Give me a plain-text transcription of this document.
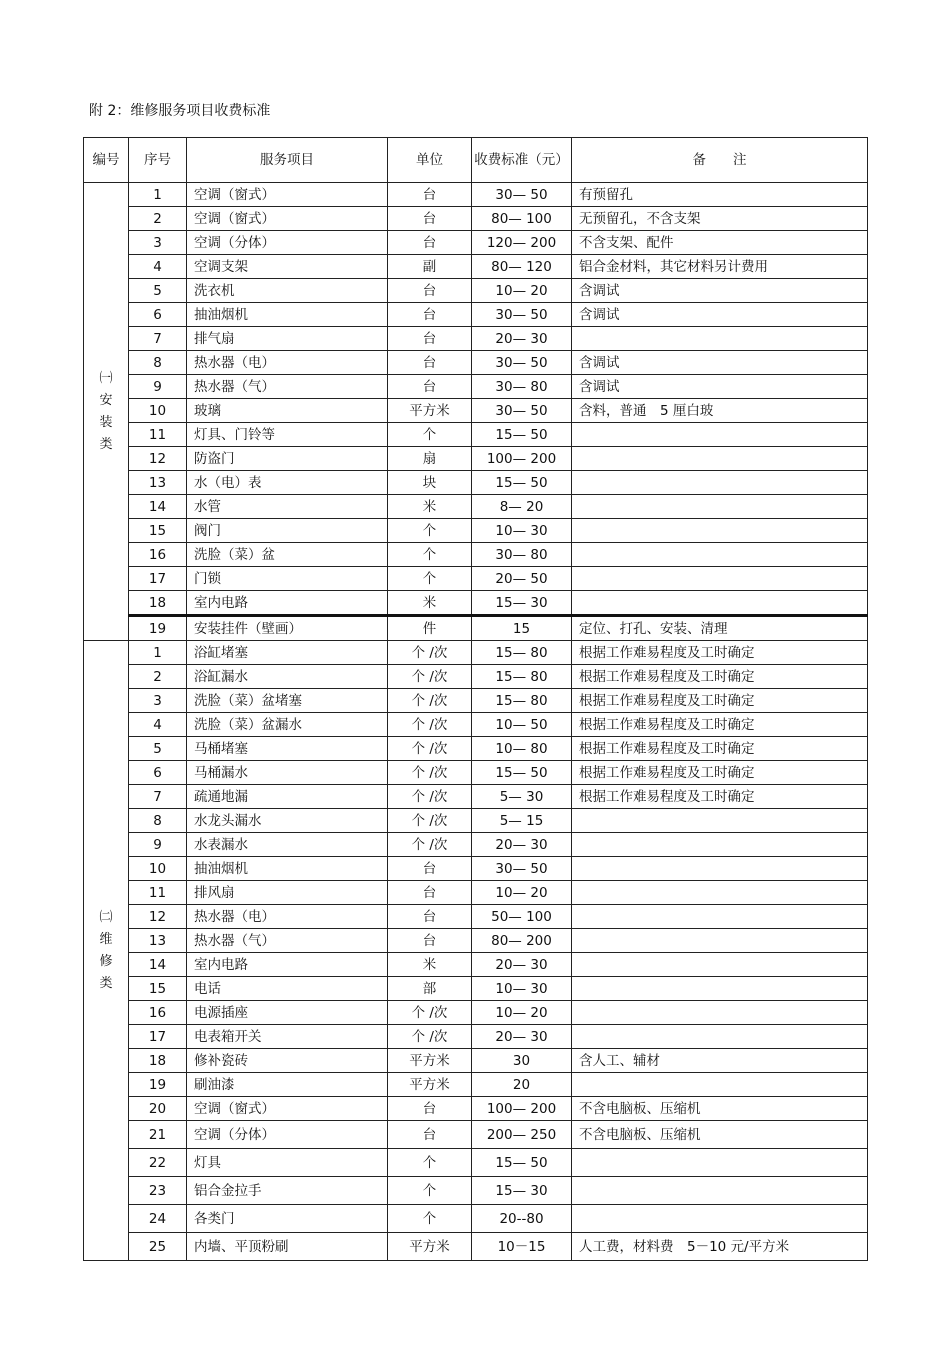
附 2：维修服务项目收费标准
编号	序号	服务项目	单位	收费标准（元）	备　　注

㈠
安
装
类	1	空调（窗式）	台	30— 50	有预留孔
	2	空调（窗式）	台	80— 100	无预留孔，不含支架
	3	空调（分体）	台	120— 200	不含支架、配件
	4	空调支架	副	80— 120	铝合金材料，其它材料另计费用
	5	洗衣机	台	10— 20	含调试
	6	抽油烟机	台	30— 50	含调试
	7	排气扇	台	20— 30	
	8	热水器（电）	台	30— 50	含调试
	9	热水器（气）	台	30— 80	含调试
	10	玻璃	平方米	30— 50	含料，普通　5 厘白玻
	11	灯具、门铃等	个	15— 50	
	12	防盗门	扇	100— 200	
	13	水（电）表	块	15— 50	
	14	水管	米	8— 20	
	15	阀门	个	10— 30	
	16	洗脸（菜）盆	个	30— 80	
	17	门锁	个	20— 50	
	18	室内电路	米	15— 30	
	19	安装挂件（壁画）	件	15	定位、打孔、安装、清理

㈡
维
修
类	1	浴缸堵塞	个 /次	15— 80	根据工作难易程度及工时确定
	2	浴缸漏水	个 /次	15— 80	根据工作难易程度及工时确定
	3	洗脸（菜）盆堵塞	个 /次	15— 80	根据工作难易程度及工时确定
	4	洗脸（菜）盆漏水	个 /次	10— 50	根据工作难易程度及工时确定
	5	马桶堵塞	个 /次	10— 80	根据工作难易程度及工时确定
	6	马桶漏水	个 /次	15— 50	根据工作难易程度及工时确定
	7	疏通地漏	个 /次	5— 30	根据工作难易程度及工时确定
	8	水龙头漏水	个 /次	5— 15	
	9	水表漏水	个 /次	20— 30	
	10	抽油烟机	台	30— 50	
	11	排风扇	台	10— 20	
	12	热水器（电）	台	50— 100	
	13	热水器（气）	台	80— 200	
	14	室内电路	米	20— 30	
	15	电话	部	10— 30	
	16	电源插座	个 /次	10— 20	
	17	电表箱开关	个 /次	20— 30	
	18	修补瓷砖	平方米	30	含人工、辅材
	19	刷油漆	平方米	20	
	20	空调（窗式）	台	100— 200	不含电脑板、压缩机
	21	空调（分体）	台	200— 250	不含电脑板、压缩机
	22	灯具	个	15— 50	
	23	铝合金拉手	个	15— 30	
	24	各类门	个	20--80	
	25	内墙、平顶粉刷	平方米	10－15	人工费，材料费　5－10 元/平方米
